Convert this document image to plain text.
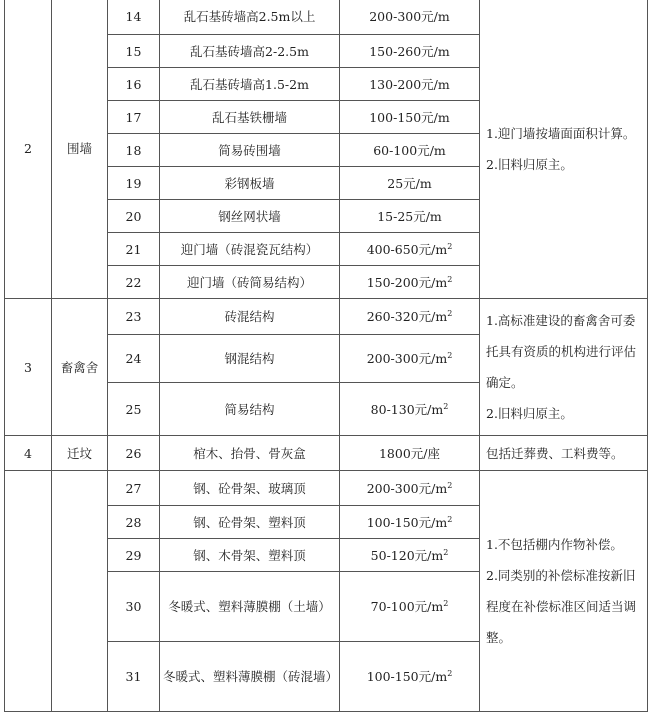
2	围墙	14	乱石基砖墙高2.5m以上	200-300元/m	1.迎门墙按墙面面积计算。

2.旧料归原主。

		15	乱石基砖墙高2-2.5m	150-260元/m	
		16	乱石基砖墙高1.5-2m	130-200元/m	
		17	乱石基铁栅墙	100-150元/m	
		18	简易砖围墙	60-100元/m	
		19	彩钢板墙	25元/m	
		20	钢丝网状墙	15-25元/m	
		21	迎门墙（砖混瓷瓦结构）	400-650元$/m^2$
		22	迎门墙（砖简易结构）	150-200元$/m^2$
3	畜禽舍	23	砖混结构	260-320元$/m^2$	1.高标准建设的畜禽舍可委托具有资质的机构进行评估确定。

2.旧料归原主。

		24	钢混结构	200-300元$/m^2$
		25	简易结构	80-130元$/m^2$
4	迁坟	26	棺木、抬骨、骨灰盒	1800元/座	包括迁葬费、工料费等。
		27	钢、砼骨架、玻璃顶	200-300元$/m^2$	1.不包括棚内作物补偿。

2.同类别的补偿标准按新旧程度在补偿标准区间适当调整。

		28	钢、砼骨架、塑料顶	100-150元$/m^2$
		29	钢、木骨架、塑料顶	50-120元$/m^2$
		30	冬暖式、塑料薄膜棚（土墙）	70-100元$/m^2$
		31	冬暖式、塑料薄膜棚（砖混墙）	100-150元$/m^2$
